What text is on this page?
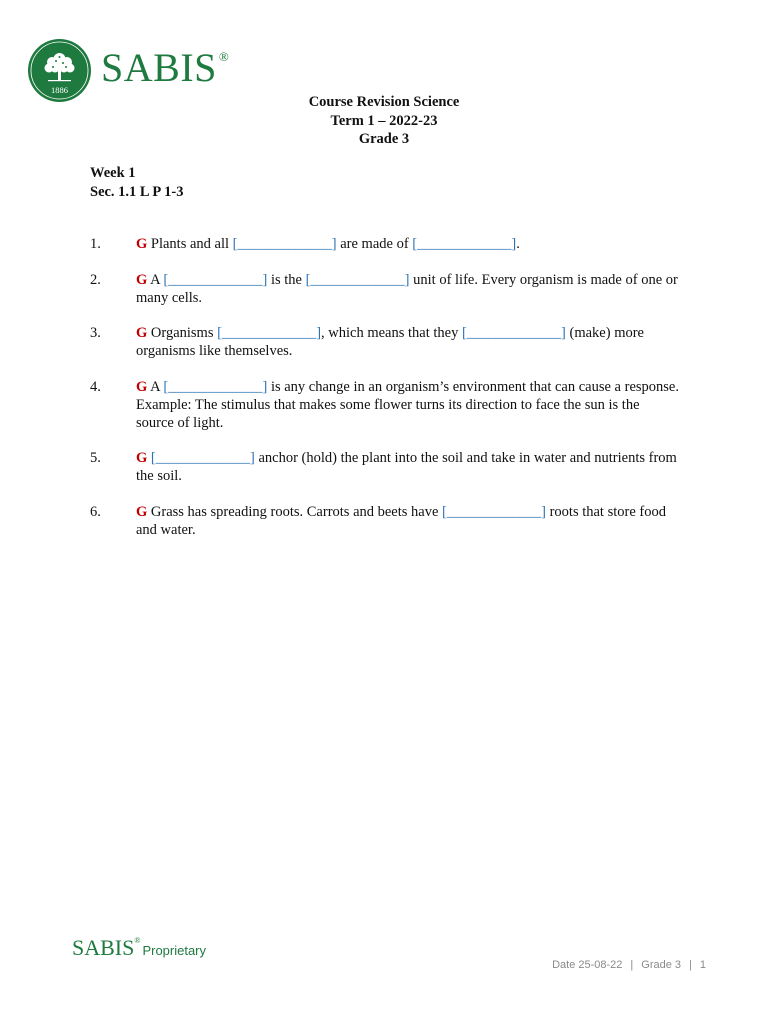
1886 SABIS ®
Course Revision Science
Term 1 – 2022-23
Grade 3
Week 1
Sec. 1.1 L P 1-3
1.	G Plants and all [_____________] are made of [_____________].
2.	G A [_____________] is the [_____________] unit of life. Every organism is made of one or many cells.
3.	G Organisms [_____________], which means that they [_____________] (make) more organisms like themselves.
4.	G A [_____________] is any change in an organism’s environment that can cause a response.
Example: The stimulus that makes some flower turns its direction to face the sun is the source of light.
5.	G [_____________] anchor (hold) the plant into the soil and take in water and nutrients from the soil.
6.	G Grass has spreading roots. Carrots and beets have [_____________] roots that store food and water.
SABIS®
Proprietary
Date 25-08-22 | Grade 3 | 1
